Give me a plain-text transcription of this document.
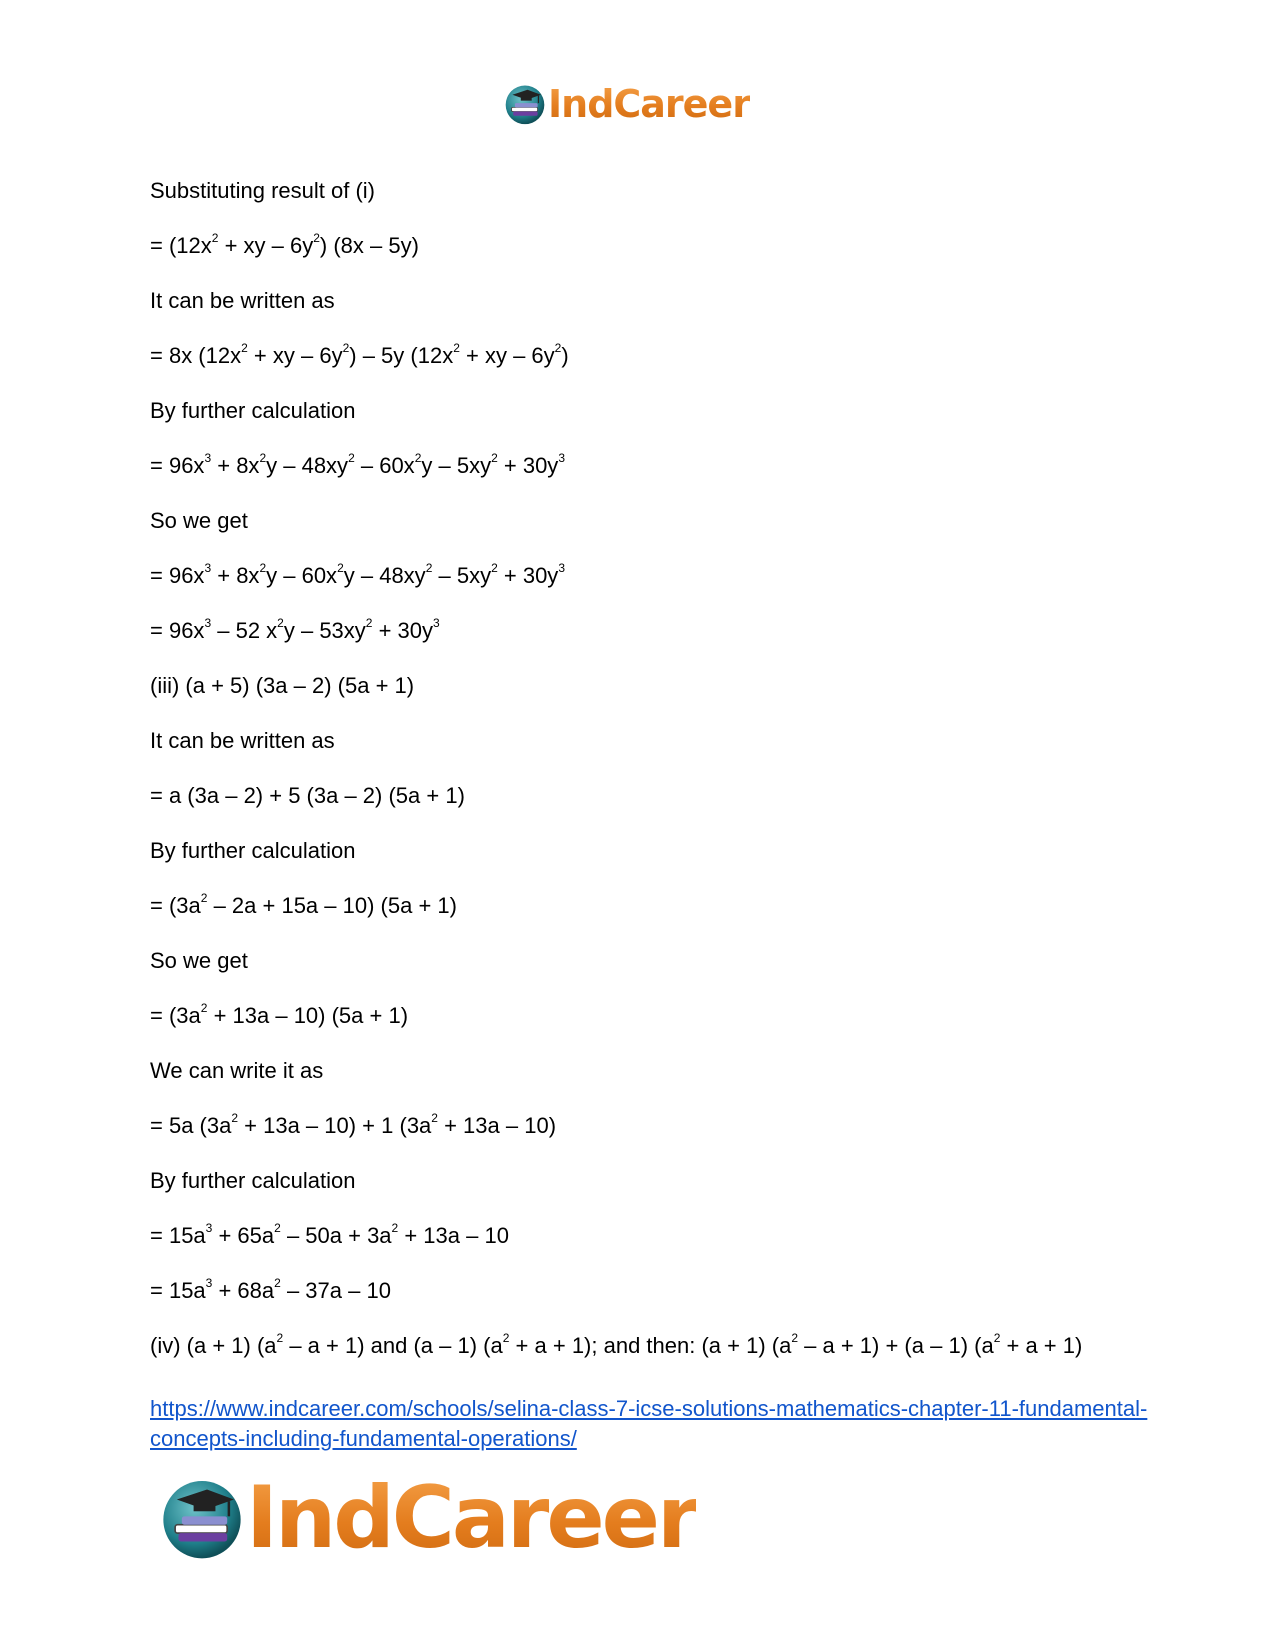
IndCareer
Substituting result of (i)
= ($12x^2$ + xy – $6y^2$) (8x – 5y)
It can be written as
= 8x ($12x^2$ + xy – $6y^2) - 5y$ ($12x^2$ + xy – $6y^2$)
By further calculation
= $96x^3 + 8x^2y - 48xy^2 - 60x^2y - 5xy^2 + 30y^3$
So we get
= $96x^3 + 8x^2y - 60x^2y - 48xy^2 - 5xy^2 + 30y^3$
= $96x^3 - 52$ $x^2y - 53xy^2 + 30y^3$
(iii) (a + 5) (3a – 2) (5a + 1)
It can be written as
= a (3a – 2) + 5 (3a – 2) (5a + 1)
By further calculation
= $(3a^2 - 2a + 15a - 10) (5a + 1)$
So we get
= $(3a^2 + 13a - 10) (5a + 1)$
We can write it as
= 5a $(3a^2 + 13a - 10) + 1$ $(3a^2 + 13a - 10)$
By further calculation
= $15a^3 + 65a^2 - 50a + 3a^2 + 13a - 10$
= $15a^3 + 68a^2 - 37a - 10$
(iv) (a + 1) $(a^2 - a + 1)$ and (a – 1) $(a^2 + a + 1)$; and then: (a + 1) $(a^2 - a + 1) + (a - 1) (a^2 + a + 1)$
https://www.indcareer.com/schools/selina-class-7-icse-solutions-mathematics-chapter-11-fundamental-concepts-including-fundamental-operations/
IndCareer
